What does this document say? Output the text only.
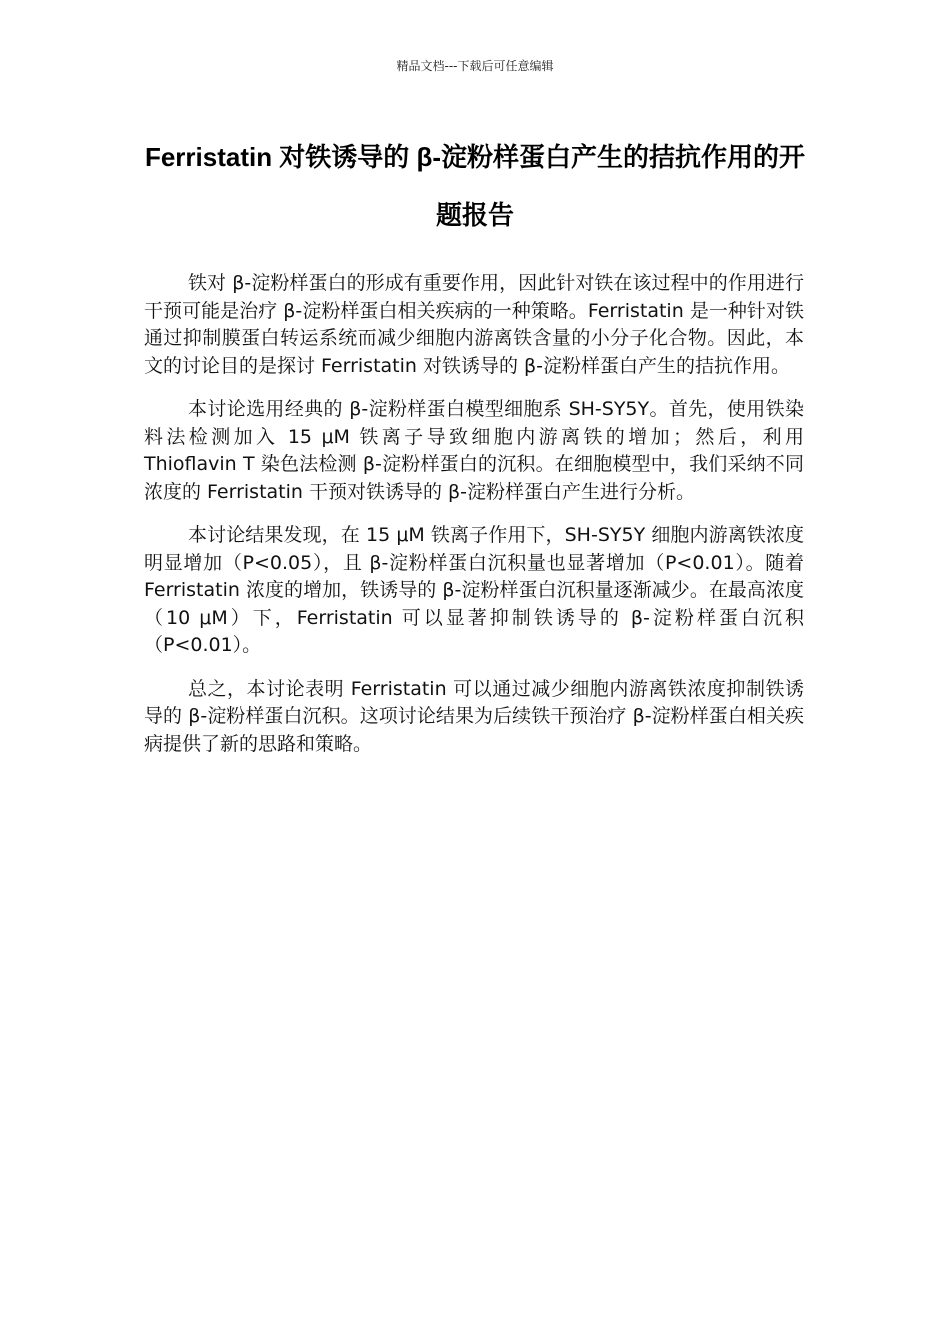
精品文档---下载后可任意编辑
Ferristatin 对铁诱导的 β-淀粉样蛋白产生的拮抗作用的开题报告

铁对 β-淀粉样蛋白的形成有重要作用，因此针对铁在该过程中的作用进行干预可能是治疗 β-淀粉样蛋白相关疾病的一种策略。Ferristatin 是一种针对铁通过抑制膜蛋白转运系统而减少细胞内游离铁含量的小分子化合物。因此，本文的讨论目的是探讨 Ferristatin 对铁诱导的 β-淀粉样蛋白产生的拮抗作用。

本讨论选用经典的 β-淀粉样蛋白模型细胞系 SH-SY5Y。首先，使用铁染料法检测加入 15 μM 铁离子导致细胞内游离铁的增加；然后，利用 Thioflavin T 染色法检测 β-淀粉样蛋白的沉积。在细胞模型中，我们采纳不同浓度的 Ferristatin 干预对铁诱导的 β-淀粉样蛋白产生进行分析。

本讨论结果发现，在 15 μM 铁离子作用下，SH-SY5Y 细胞内游离铁浓度明显增加（P<0.05），且 β-淀粉样蛋白沉积量也显著增加（P<0.01）。随着 Ferristatin 浓度的增加，铁诱导的 β-淀粉样蛋白沉积量逐渐减少。在最高浓度（10 μM）下，Ferristatin 可以显著抑制铁诱导的 β-淀粉样蛋白沉积（P<0.01）。

总之，本讨论表明 Ferristatin 可以通过减少细胞内游离铁浓度抑制铁诱导的 β-淀粉样蛋白沉积。这项讨论结果为后续铁干预治疗 β-淀粉样蛋白相关疾病提供了新的思路和策略。
